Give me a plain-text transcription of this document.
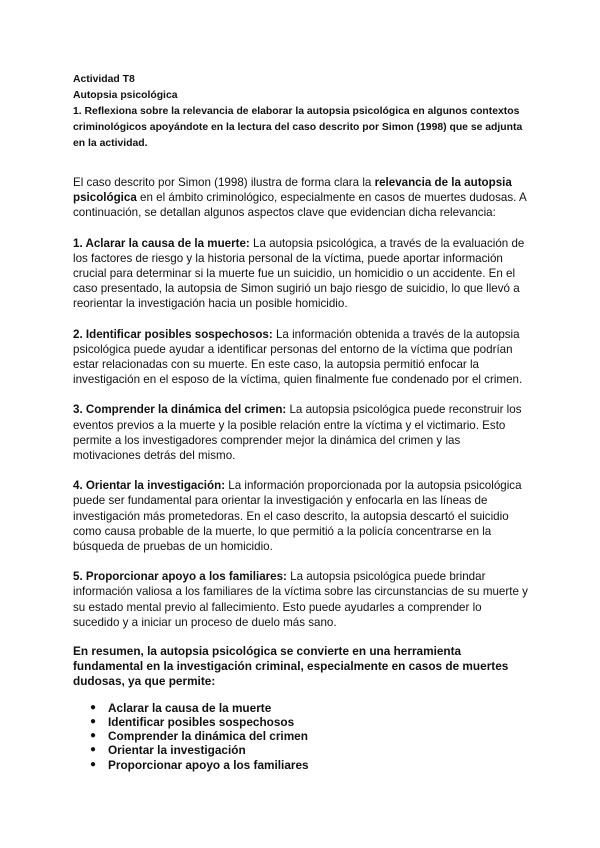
Actividad T8

Autopsia psicológica

1. Reflexiona sobre la relevancia de elaborar la autopsia psicológica en algunos contextos criminológicos apoyándote en la lectura del caso descrito por Simon (1998) que se adjunta en la actividad.

El caso descrito por Simon (1998) ilustra de forma clara la relevancia de la autopsia psicológica en el ámbito criminológico, especialmente en casos de muertes dudosas. A continuación, se detallan algunos aspectos clave que evidencian dicha relevancia:

1. Aclarar la causa de la muerte: La autopsia psicológica, a través de la evaluación de los factores de riesgo y la historia personal de la víctima, puede aportar información crucial para determinar si la muerte fue un suicidio, un homicidio o un accidente. En el caso presentado, la autopsia de Simon sugirió un bajo riesgo de suicidio, lo que llevó a reorientar la investigación hacia un posible homicidio.

2. Identificar posibles sospechosos: La información obtenida a través de la autopsia psicológica puede ayudar a identificar personas del entorno de la víctima que podrían estar relacionadas con su muerte. En este caso, la autopsia permitió enfocar la investigación en el esposo de la víctima, quien finalmente fue condenado por el crimen.

3. Comprender la dinámica del crimen: La autopsia psicológica puede reconstruir los eventos previos a la muerte y la posible relación entre la víctima y el victimario. Esto permite a los investigadores comprender mejor la dinámica del crimen y las motivaciones detrás del mismo.

4. Orientar la investigación: La información proporcionada por la autopsia psicológica puede ser fundamental para orientar la investigación y enfocarla en las líneas de investigación más prometedoras. En el caso descrito, la autopsia descartó el suicidio como causa probable de la muerte, lo que permitió a la policía concentrarse en la búsqueda de pruebas de un homicidio.

5. Proporcionar apoyo a los familiares: La autopsia psicológica puede brindar información valiosa a los familiares de la víctima sobre las circunstancias de su muerte y su estado mental previo al fallecimiento. Esto puede ayudarles a comprender lo sucedido y a iniciar un proceso de duelo más sano.

En resumen, la autopsia psicológica se convierte en una herramienta fundamental en la investigación criminal, especialmente en casos de muertes dudosas, ya que permite:

● Aclarar la causa de la muerte
● Identificar posibles sospechosos
● Comprender la dinámica del crimen
● Orientar la investigación
● Proporcionar apoyo a los familiares
